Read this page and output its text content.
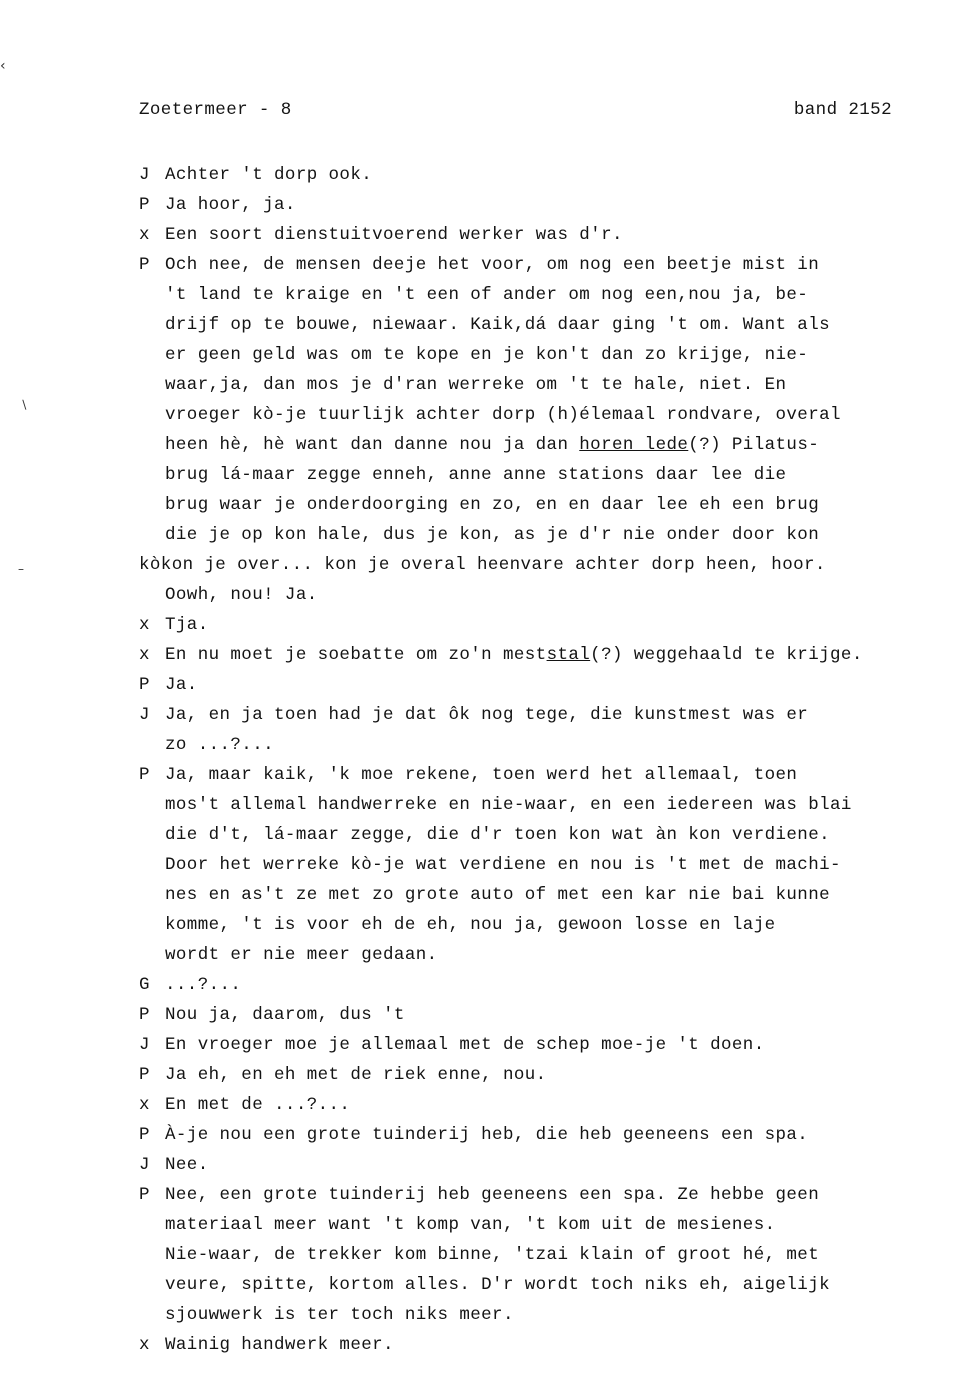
Zoetermeer - 8	band 2152
‹
∖
–
J Achter 't dorp ook.
P Ja hoor, ja.
x Een soort dienstuitvoerend werker was d'r.
P Och nee, de mensen deeje het voor, om nog een beetje mist in
't land te kraige en 't een of ander om nog een,nou ja, be-
drijf op te bouwe, niewaar. Kaik,dá daar ging 't om. Want als
er geen geld was om te kope en je kon't dan zo krijge, nie-
waar,ja, dan mos je d'ran werreke om 't te hale, niet. En
vroeger kò-je tuurlijk achter dorp (h)élemaal rondvare, overal
heen hè, hè want dan danne nou ja dan horen lede(?) Pilatus-
brug lá-maar zegge enneh, anne anne stations daar lee die
brug waar je onderdoorging en zo, en en daar lee eh een brug
die je op kon hale, dus je kon, as je d'r nie onder door kon
kòkon je over... kon je overal heenvare achter dorp heen, hoor.
Oowh, nou! Ja.
x Tja.
x En nu moet je soebatte om zo'n meststal(?) weggehaald te krijge.
P Ja.
J Ja, en ja toen had je dat ôk nog tege, die kunstmest was er
zo ...?...
P Ja, maar kaik, 'k moe rekene, toen werd het allemaal, toen
mos't allemal handwerreke en nie-waar, en een iedereen was blai
die d't, lá-maar zegge, die d'r toen kon wat àn kon verdiene.
Door het werreke kò-je wat verdiene en nou is 't met de machi-
nes en as't ze met zo grote auto of met een kar nie bai kunne
komme, 't is voor eh de eh, nou ja, gewoon losse en laje
wordt er nie meer gedaan.
G ...?...
P Nou ja, daarom, dus 't
J En vroeger moe je allemaal met de schep moe-je 't doen.
P Ja eh, en eh met de riek enne, nou.
x En met de ...?...
P À-je nou een grote tuinderij heb, die heb geeneens een spa.
J Nee.
P Nee, een grote tuinderij heb geeneens een spa. Ze hebbe geen
materiaal meer want 't komp van, 't kom uit de mesienes.
Nie-waar, de trekker kom binne, 'tzai klain of groot hé, met
veure, spitte, kortom alles. D'r wordt toch niks eh, aigelijk
sjouwwerk is ter toch niks meer.
x Wainig handwerk meer.
